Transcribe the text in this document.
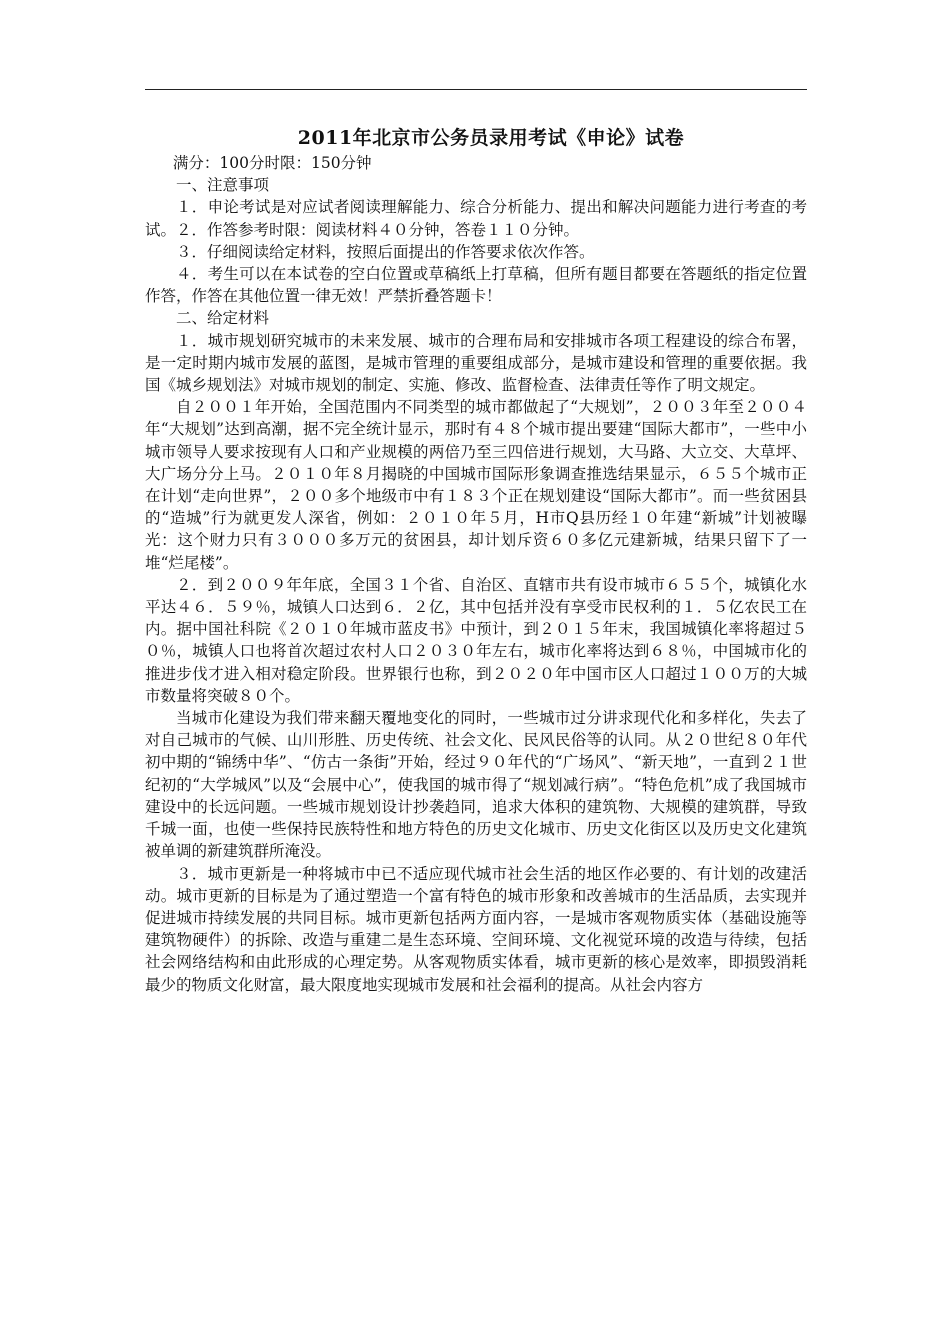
2011年北京市公务员录用考试《申论》试卷

满分：100分时限：150分钟

一、注意事项

１．申论考试是对应试者阅读理解能力、综合分析能力、提出和解决问题能力进行考查的考试。２．作答参考时限：阅读材料４０分钟，答卷１１０分钟。

３．仔细阅读给定材料，按照后面提出的作答要求依次作答。

４．考生可以在本试卷的空白位置或草稿纸上打草稿，但所有题目都要在答题纸的指定位置作答，作答在其他位置一律无效！严禁折叠答题卡！

二、给定材料

１．城市规划研究城市的未来发展、城市的合理布局和安排城市各项工程建设的综合布署，是一定时期内城市发展的蓝图，是城市管理的重要组成部分，是城市建设和管理的重要依据。我国《城乡规划法》对城市规划的制定、实施、修改、监督检查、法律责任等作了明文规定。

自２００１年开始，全国范围内不同类型的城市都做起了“大规划”，２００３年至２００４年“大规划”达到高潮，据不完全统计显示，那时有４８个城市提出要建“国际大都市”，一些中小城市领导人要求按现有人口和产业规模的两倍乃至三四倍进行规划，大马路、大立交、大草坪、大广场分分上马。２０１０年８月揭晓的中国城市国际形象调查推选结果显示，６５５个城市正在计划“走向世界”，２００多个地级市中有１８３个正在规划建设“国际大都市”。而一些贫困县的“造城”行为就更发人深省，例如：２０１０年５月，H市Q县历经１０年建“新城”计划被曝光：这个财力只有３０００多万元的贫困县，却计划斥资６０多亿元建新城，结果只留下了一堆“烂尾楼”。

２．到２００９年年底，全国３１个省、自治区、直辖市共有设市城市６５５个，城镇化水平达４６．５９％，城镇人口达到６．２亿，其中包括并没有享受市民权利的１．５亿农民工在内。据中国社科院《２０１０年城市蓝皮书》中预计，到２０１５年末，我国城镇化率将超过５０％，城镇人口也将首次超过农村人口２０３０年左右，城市化率将达到６８％，中国城市化的推进步伐才进入相对稳定阶段。世界银行也称，到２０２０年中国市区人口超过１００万的大城市数量将突破８０个。

当城市化建设为我们带来翻天覆地变化的同时，一些城市过分讲求现代化和多样化，失去了对自己城市的气候、山川形胜、历史传统、社会文化、民风民俗等的认同。从２０世纪８０年代初中期的“锦绣中华”、“仿古一条街”开始，经过９０年代的“广场风”、“新天地”，一直到２１世纪初的“大学城风”以及“会展中心”，使我国的城市得了“规划减行病”。“特色危机”成了我国城市建设中的长远问题。一些城市规划设计抄袭趋同，追求大体积的建筑物、大规模的建筑群，导致千城一面，也使一些保持民族特性和地方特色的历史文化城市、历史文化街区以及历史文化建筑被单调的新建筑群所淹没。

３．城市更新是一种将城市中已不适应现代城市社会生活的地区作必要的、有计划的改建活动。城市更新的目标是为了通过塑造一个富有特色的城市形象和改善城市的生活品质，去实现并促进城市持续发展的共同目标。城市更新包括两方面内容，一是城市客观物质实体（基础设施等建筑物硬件）的拆除、改造与重建二是生态环境、空间环境、文化视觉环境的改造与待续，包括社会网络结构和由此形成的心理定势。从客观物质实体看，城市更新的核心是效率，即损毁消耗最少的物质文化财富，最大限度地实现城市发展和社会福利的提高。从社会内容方
